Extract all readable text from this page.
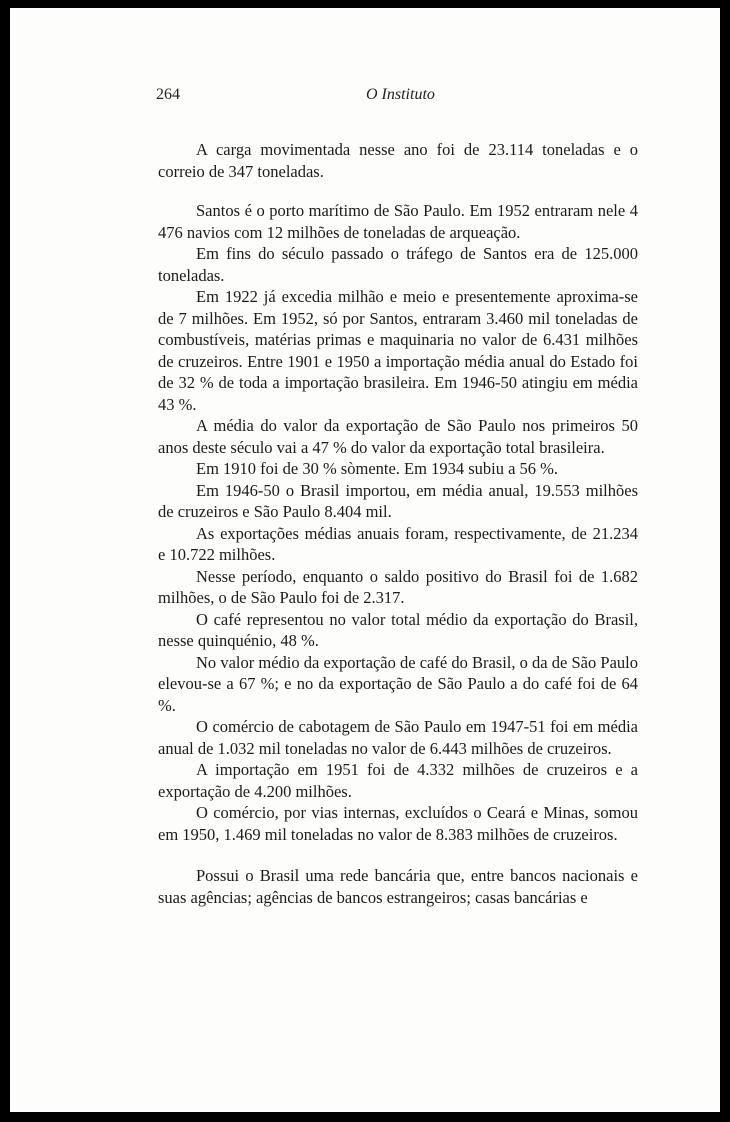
264	O Instituto

A carga movimentada nesse ano foi de 23.114 toneladas e o correio de 347 toneladas.

Santos é o porto marítimo de São Paulo. Em 1952 entraram nele 4 476 navios com 12 milhões de toneladas de arqueação.

Em fins do século passado o tráfego de Santos era de 125.000 toneladas.

Em 1922 já excedia milhão e meio e presentemente aproxima-se de 7 milhões. Em 1952, só por Santos, entraram 3.460 mil toneladas de combustíveis, matérias primas e maquinaria no valor de 6.431 milhões de cruzeiros. Entre 1901 e 1950 a importação média anual do Estado foi de 32 % de toda a importação brasileira. Em 1946-50 atingiu em média 43 %.

A média do valor da exportação de São Paulo nos primeiros 50 anos deste século vai a 47 % do valor da exportação total brasileira.

Em 1910 foi de 30 % sòmente. Em 1934 subiu a 56 %.

Em 1946-50 o Brasil importou, em média anual, 19.553 milhões de cruzeiros e São Paulo 8.404 mil.

As exportações médias anuais foram, respectivamente, de 21.234 e 10.722 milhões.

Nesse período, enquanto o saldo positivo do Brasil foi de 1.682 milhões, o de São Paulo foi de 2.317.

O café representou no valor total médio da exportação do Brasil, nesse quinquénio, 48 %.

No valor médio da exportação de café do Brasil, o da de São Paulo elevou-se a 67 %; e no da exportação de São Paulo a do café foi de 64 %.

O comércio de cabotagem de São Paulo em 1947-51 foi em média anual de 1.032 mil toneladas no valor de 6.443 milhões de cruzeiros.

A importação em 1951 foi de 4.332 milhões de cruzeiros e a exportação de 4.200 milhões.

O comércio, por vias internas, excluídos o Ceará e Minas, somou em 1950, 1.469 mil toneladas no valor de 8.383 milhões de cruzeiros.

Possui o Brasil uma rede bancária que, entre bancos nacionais e suas agências; agências de bancos estrangeiros; casas bancárias e
